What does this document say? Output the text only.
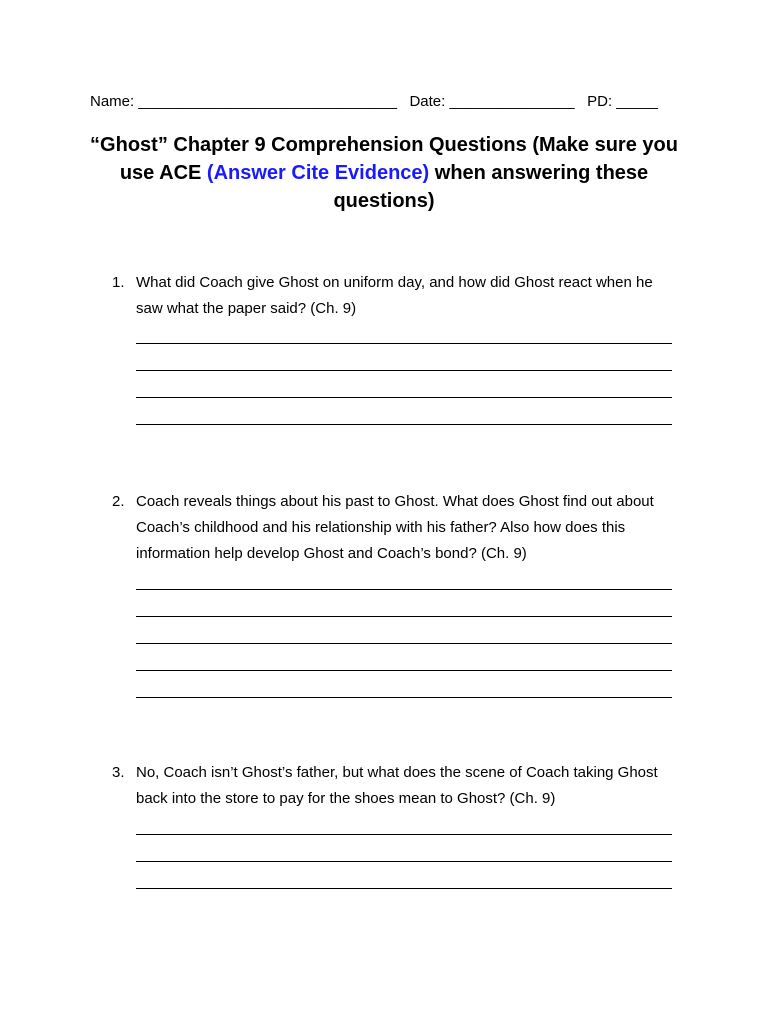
Name: _______________________________   Date: _______________   PD: _____
“Ghost” Chapter 9 Comprehension Questions (Make sure you use ACE (Answer Cite Evidence) when answering these questions)
1. What did Coach give Ghost on uniform day, and how did Ghost react when he saw what the paper said? (Ch. 9)
2. Coach reveals things about his past to Ghost. What does Ghost find out about Coach’s childhood and his relationship with his father? Also how does this information help develop Ghost and Coach’s bond? (Ch. 9)
3. No, Coach isn’t Ghost’s father, but what does the scene of Coach taking Ghost back into the store to pay for the shoes mean to Ghost? (Ch. 9)
